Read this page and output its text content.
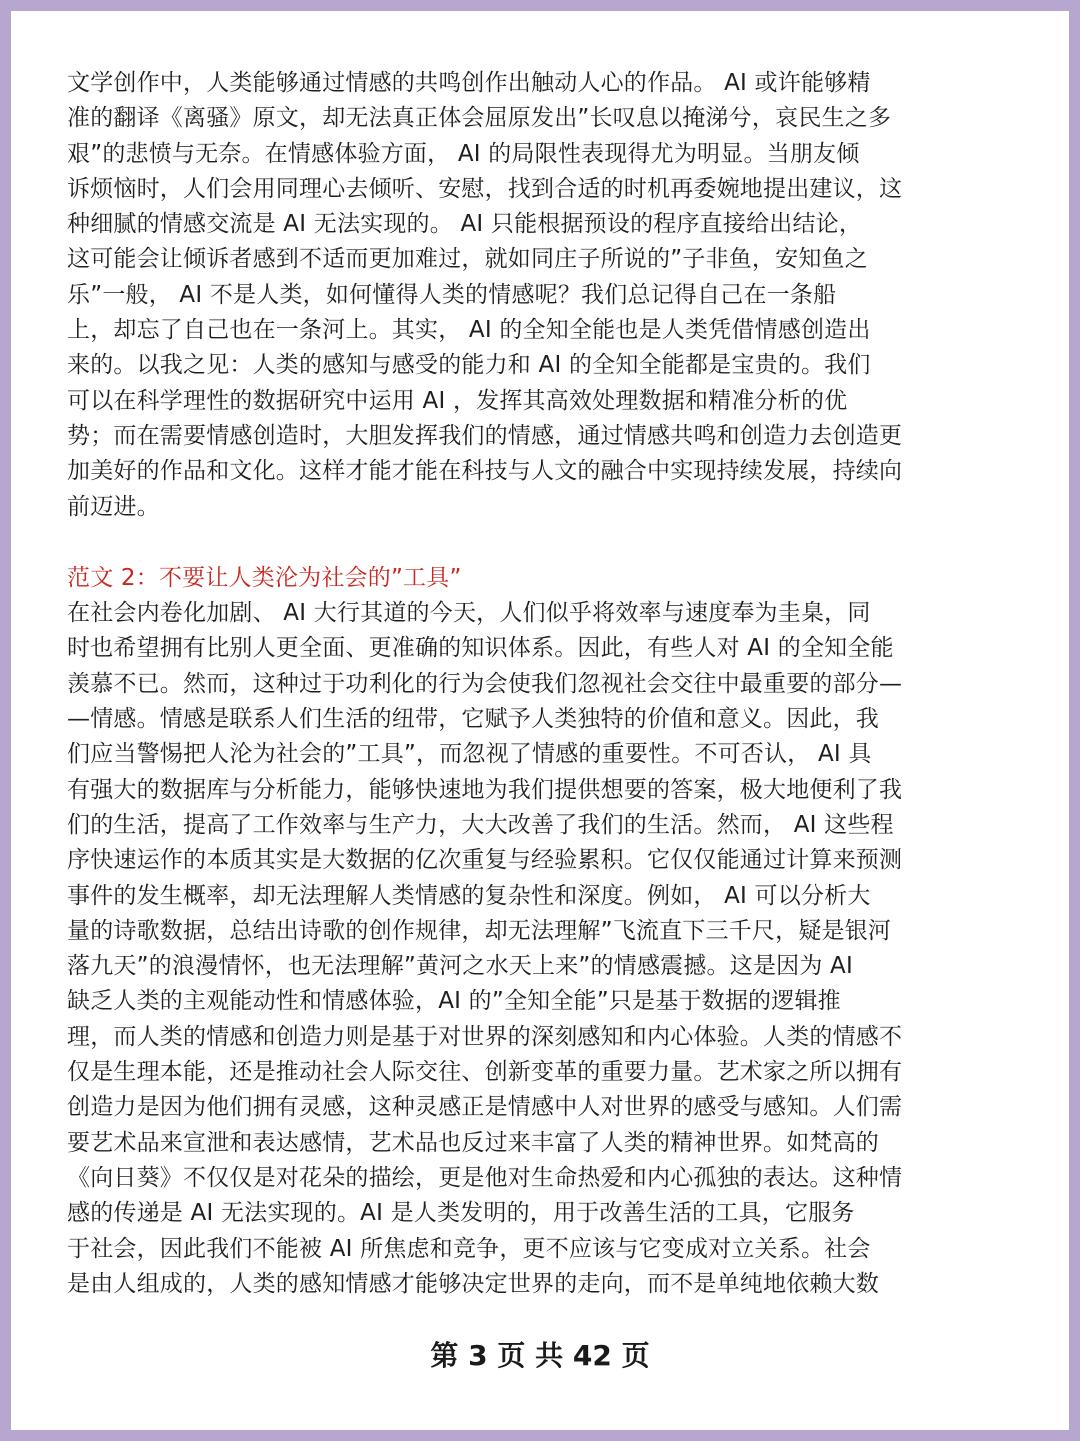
文学创作中，人类能够通过情感的共鸣创作出触动人心的作品。 AI 或许能够精
准的翻译《离骚》原文，却无法真正体会屈原发出”长叹息以掩涕兮，哀民生之多
艰”的悲愤与无奈。在情感体验方面， AI 的局限性表现得尤为明显。当朋友倾
诉烦恼时，人们会用同理心去倾听、安慰，找到合适的时机再委婉地提出建议，这
种细腻的情感交流是 AI 无法实现的。 AI 只能根据预设的程序直接给出结论，
这可能会让倾诉者感到不适而更加难过，就如同庄子所说的”子非鱼，安知鱼之
乐”一般， AI 不是人类，如何懂得人类的情感呢？我们总记得自己在一条船
上，却忘了自己也在一条河上。其实， AI 的全知全能也是人类凭借情感创造出
来的。以我之见：人类的感知与感受的能力和 AI 的全知全能都是宝贵的。我们
可以在科学理性的数据研究中运用 AI ，发挥其高效处理数据和精准分析的优
势；而在需要情感创造时，大胆发挥我们的情感，通过情感共鸣和创造力去创造更
加美好的作品和文化。这样才能才能在科技与人文的融合中实现持续发展，持续向
前迈进。
范文 2：不要让人类沦为社会的”工具”
在社会内卷化加剧、 AI 大行其道的今天，人们似乎将效率与速度奉为圭臬，同
时也希望拥有比别人更全面、更准确的知识体系。因此，有些人对 AI 的全知全能
羡慕不已。然而，这种过于功利化的行为会使我们忽视社会交往中最重要的部分—
—情感。情感是联系人们生活的纽带，它赋予人类独特的价值和意义。因此，我
们应当警惕把人沦为社会的”工具”，而忽视了情感的重要性。不可否认， AI 具
有强大的数据库与分析能力，能够快速地为我们提供想要的答案，极大地便利了我
们的生活，提高了工作效率与生产力，大大改善了我们的生活。然而， AI 这些程
序快速运作的本质其实是大数据的亿次重复与经验累积。它仅仅能通过计算来预测
事件的发生概率，却无法理解人类情感的复杂性和深度。例如， AI 可以分析大
量的诗歌数据，总结出诗歌的创作规律，却无法理解”飞流直下三千尺，疑是银河
落九天”的浪漫情怀，也无法理解”黄河之水天上来”的情感震撼。这是因为 AI
缺乏人类的主观能动性和情感体验，AI 的”全知全能”只是基于数据的逻辑推
理，而人类的情感和创造力则是基于对世界的深刻感知和内心体验。人类的情感不
仅是生理本能，还是推动社会人际交往、创新变革的重要力量。艺术家之所以拥有
创造力是因为他们拥有灵感，这种灵感正是情感中人对世界的感受与感知。人们需
要艺术品来宣泄和表达感情，艺术品也反过来丰富了人类的精神世界。如梵高的
《向日葵》不仅仅是对花朵的描绘，更是他对生命热爱和内心孤独的表达。这种情
感的传递是 AI 无法实现的。AI 是人类发明的，用于改善生活的工具，它服务
于社会，因此我们不能被 AI 所焦虑和竞争，更不应该与它变成对立关系。社会
是由人组成的，人类的感知情感才能够决定世界的走向，而不是单纯地依赖大数
第 3 页 共 42 页
